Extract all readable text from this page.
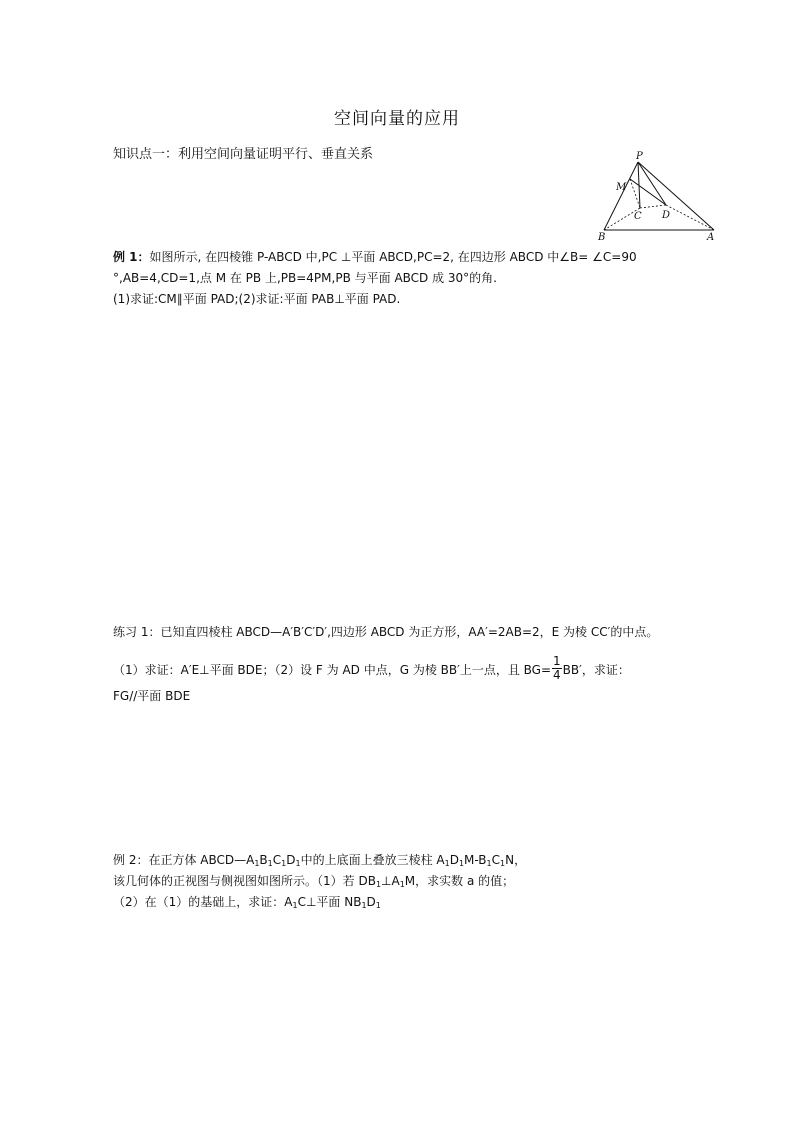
空间向量的应用
知识点一：利用空间向量证明平行、垂直关系	P
M
C D
B	A
例 1：如图所示, 在四棱锥 P-ABCD 中,PC ⊥平面 ABCD,PC=2, 在四边形 ABCD 中∠B= ∠C=90
°,AB=4,CD=1,点 M 在 PB 上,PB=4PM,PB 与平面 ABCD 成 30°的角.
(1)求证:CM∥平面 PAD;(2)求证:平面 PAB⊥平面 PAD.
练习 1：已知直四棱柱 ABCD—A′B′C′D′,四边形 ABCD 为正方形，AA′=2AB=2，E 为棱 CC′的中点。
（1）求证：A′E⊥平面 BDE；（2）设 F 为 AD 中点，G 为棱 BB′上一点，且 $BG= \frac{1}{4} BB'$，求证：
FG//平面 BDE
例 2：在正方体 $ABCD—A_1B_1C_1D_1$中的上底面上叠放三棱柱 $A_1D_1M-B_1C_1N$，
该几何体的正视图与侧视图如图所示。（1）若 $DB_1\perp A_1M$，求实数 a 的值；
（2）在（1）的基础上，求证：$A_1C\perp$平面 $NB_1D_1$
